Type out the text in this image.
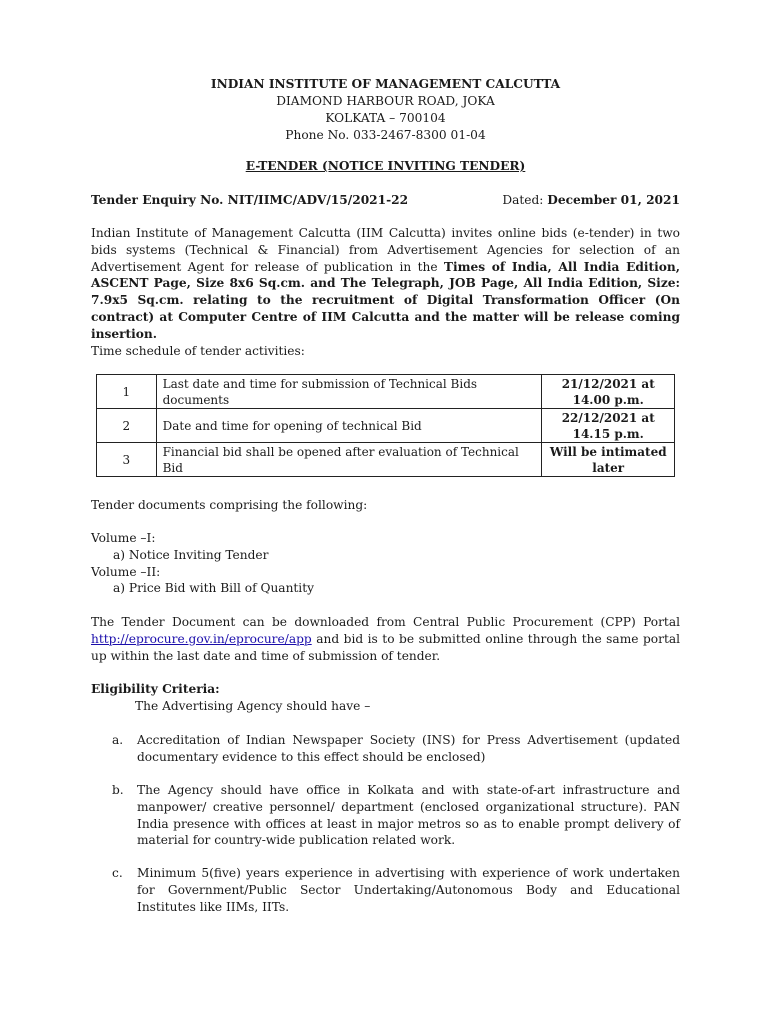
INDIAN INSTITUTE OF MANAGEMENT CALCUTTA
DIAMOND HARBOUR ROAD, JOKA
KOLKATA – 700104
Phone No. 033-2467-8300 01-04
E-TENDER (NOTICE INVITING TENDER)
Tender Enquiry No. NIT/IIMC/ADV/15/2021-22	Dated: December 01, 2021
Indian Institute of Management Calcutta (IIM Calcutta) invites online bids (e-tender) in two bids systems (Technical & Financial) from Advertisement Agencies for selection of an Advertisement Agent for release of publication in the Times of India, All India Edition, ASCENT Page, Size 8x6 Sq.cm. and The Telegraph, JOB Page, All India Edition, Size: 7.9x5 Sq.cm. relating to the recruitment of Digital Transformation Officer (On contract) at Computer Centre of IIM Calcutta and the matter will be release coming insertion.
Time schedule of tender activities:
1	Last date and time for submission of Technical Bids documents	21/12/2021 at 14.00 p.m.
2	Date and time for opening of technical Bid	22/12/2021 at 14.15 p.m.
3	Financial bid shall be opened after evaluation of Technical Bid	Will be intimated later
Tender documents comprising the following:
Volume –I:
a) Notice Inviting Tender
Volume –II:
a) Price Bid with Bill of Quantity
The Tender Document can be downloaded from Central Public Procurement (CPP) Portal http://eprocure.gov.in/eprocure/app and bid is to be submitted online through the same portal up within the last date and time of submission of tender.
Eligibility Criteria:
The Advertising Agency should have –
a. Accreditation of Indian Newspaper Society (INS) for Press Advertisement (updated documentary evidence to this effect should be enclosed)
b. The Agency should have office in Kolkata and with state-of-art infrastructure and manpower/ creative personnel/ department (enclosed organizational structure). PAN India presence with offices at least in major metros so as to enable prompt delivery of material for country-wide publication related work.
c. Minimum 5(five) years experience in advertising with experience of work undertaken for Government/Public Sector Undertaking/Autonomous Body and Educational Institutes like IIMs, IITs.
